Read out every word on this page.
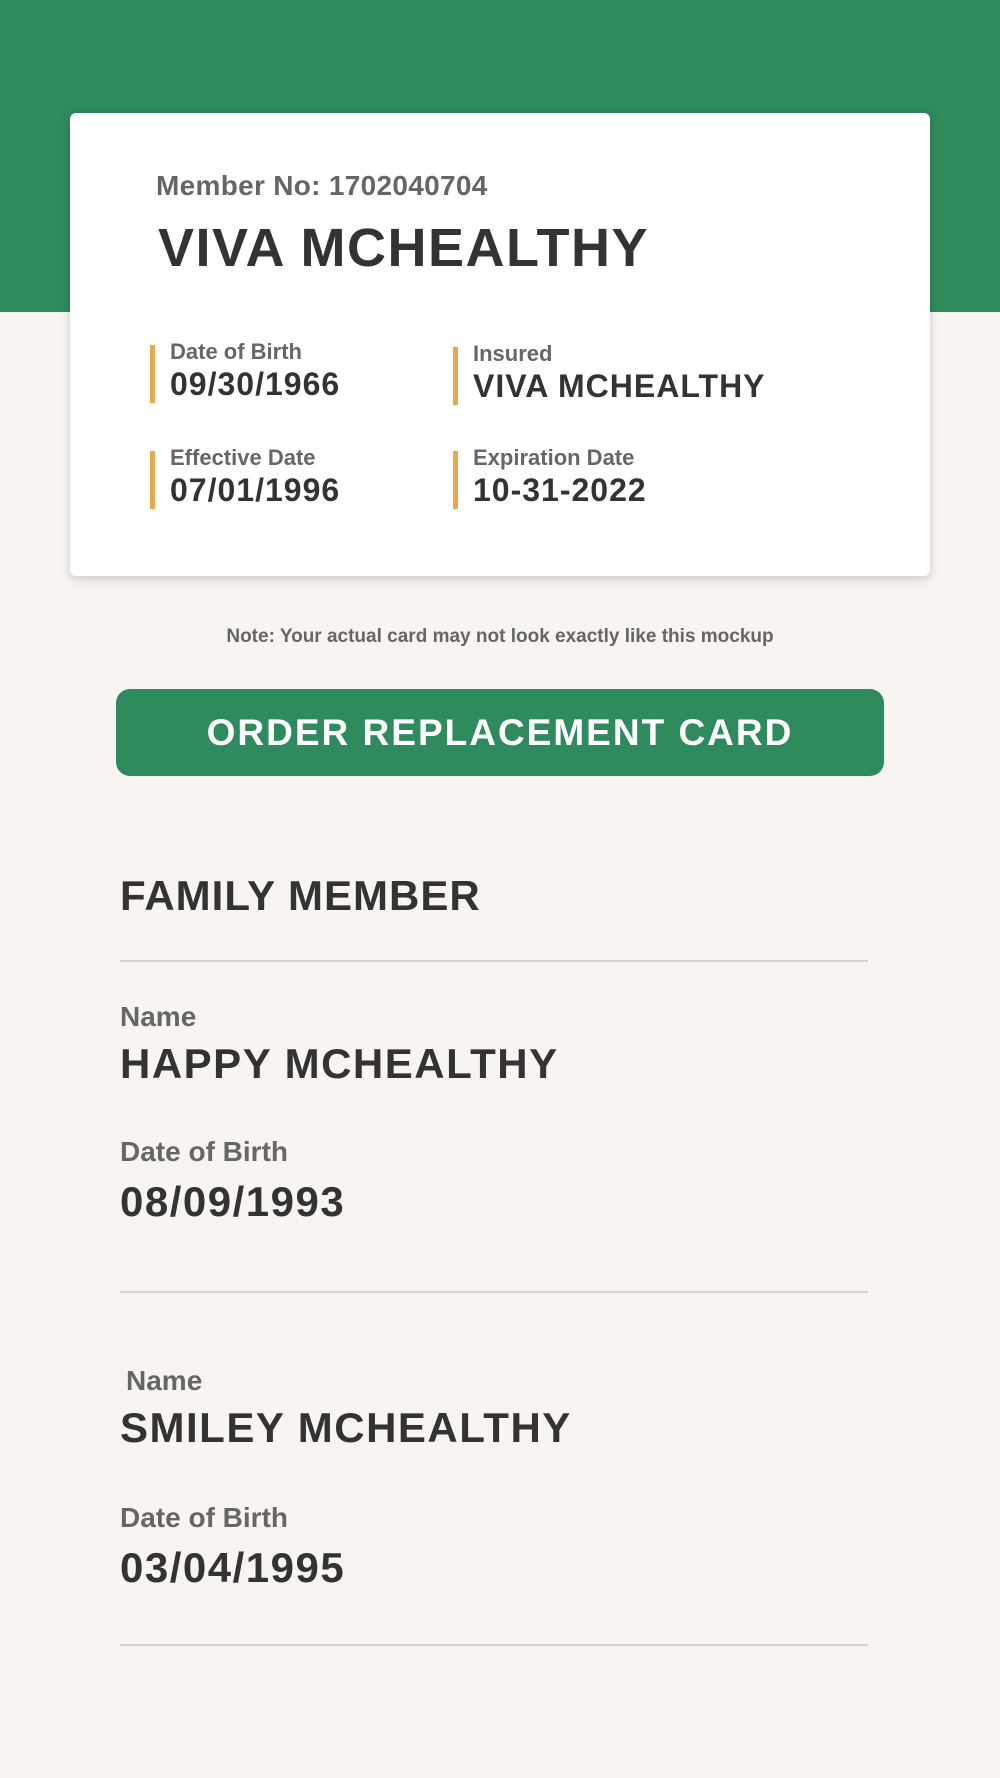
Member No: 1702040704
VIVA MCHEALTHY
Date of Birth
09/30/1966
Insured
VIVA MCHEALTHY
Effective Date
07/01/1996
Expiration Date
10-31-2022
Note: Your actual card may not look exactly like this mockup
ORDER REPLACEMENT CARD
FAMILY MEMBER
Name
HAPPY MCHEALTHY
Date of Birth
08/09/1993
Name
SMILEY MCHEALTHY
Date of Birth
03/04/1995
